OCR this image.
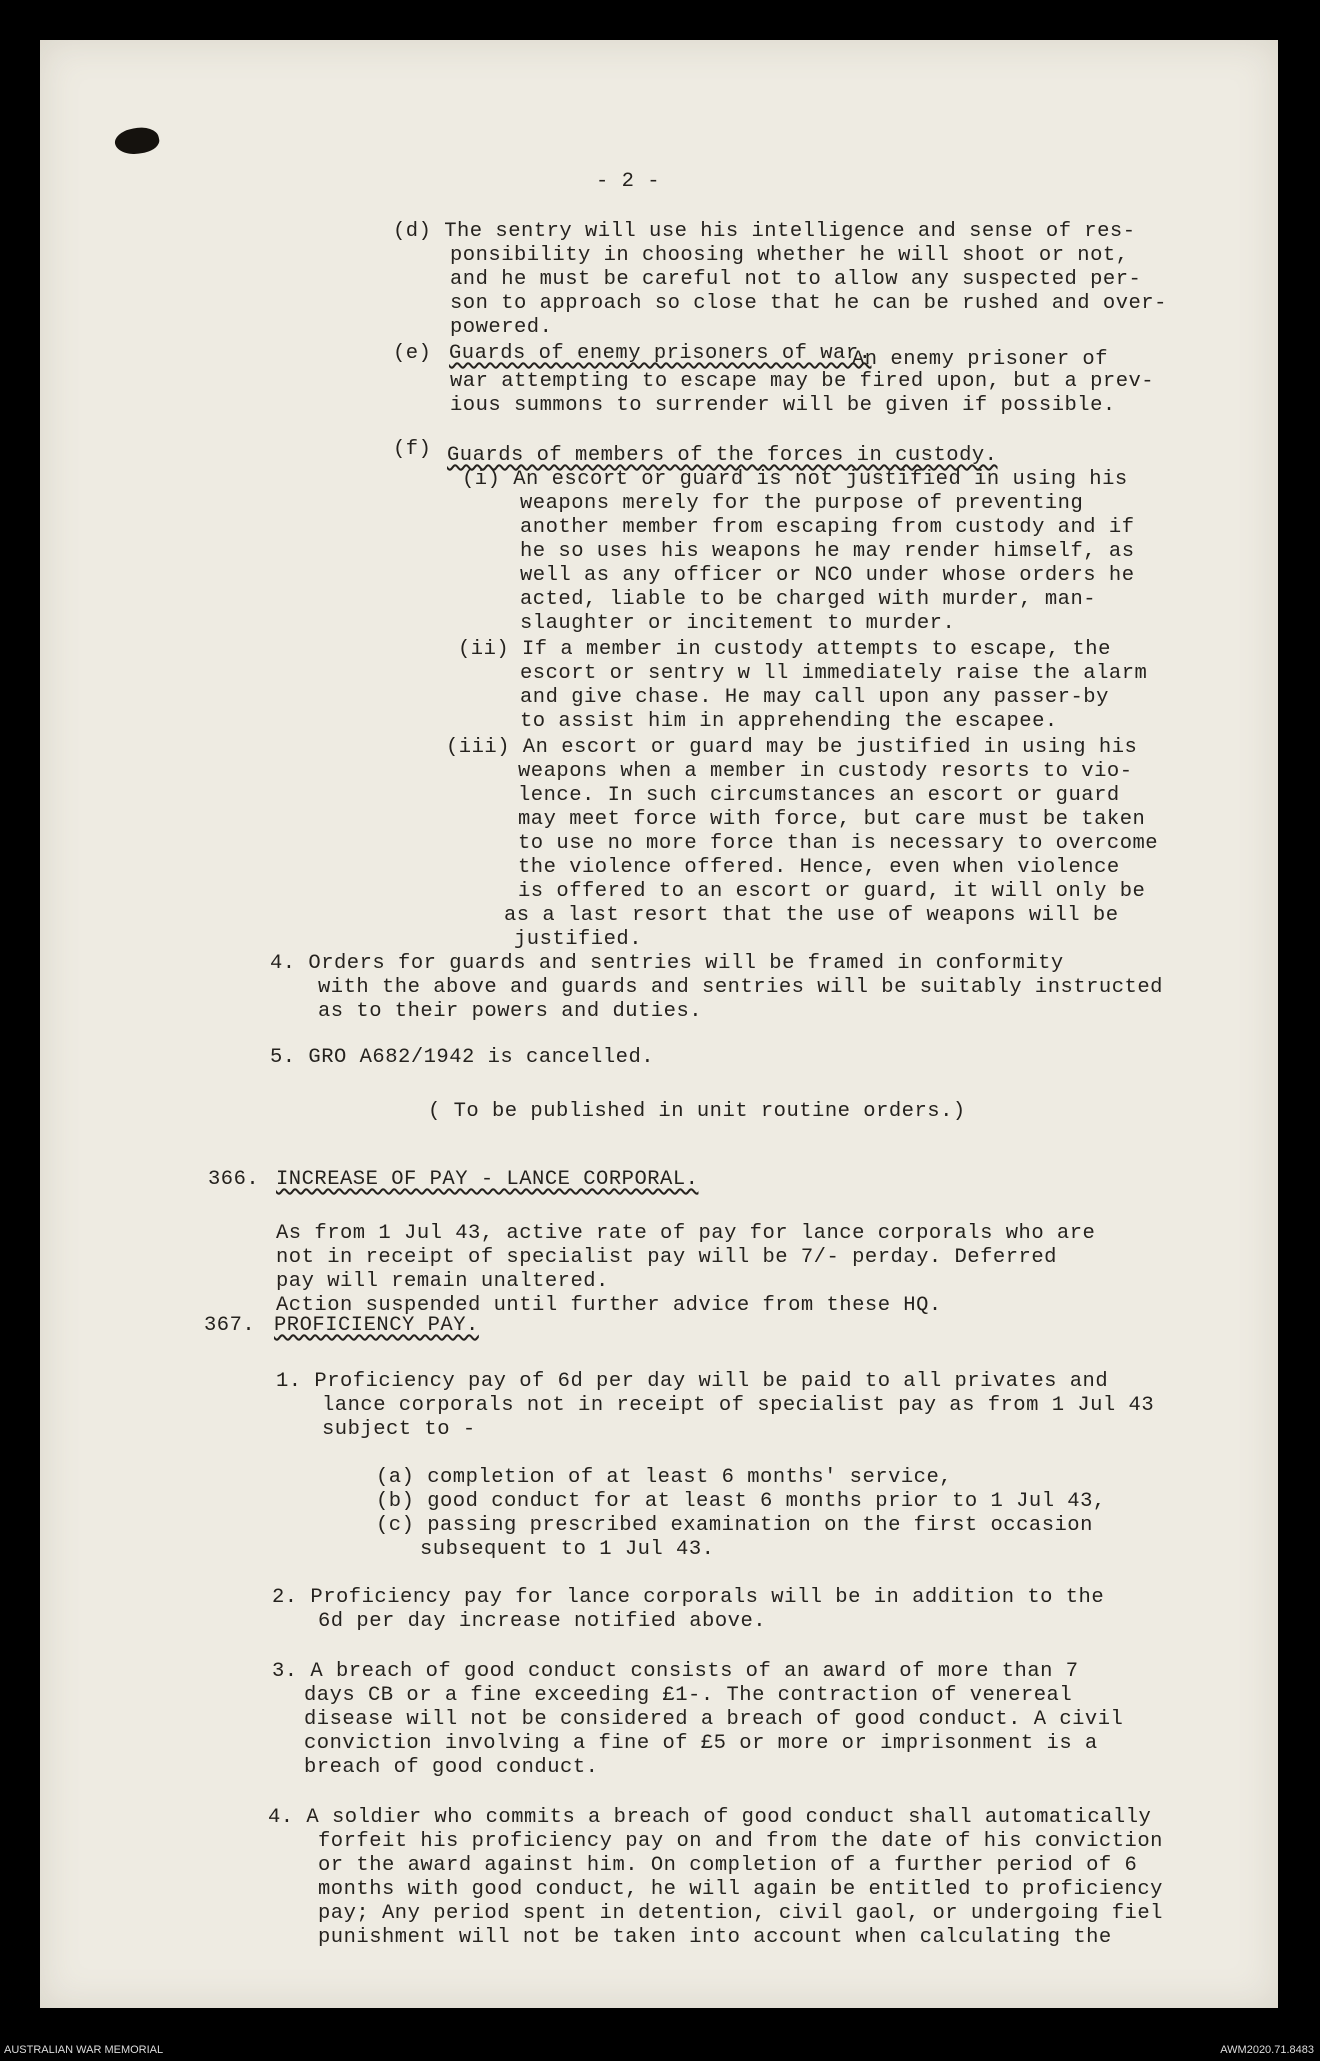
(d) The sentry will use his intelligence and sense of res-
ponsibility in choosing whether he will shoot or not,
and he must be careful not to allow any suspected per-
son to approach so close that he can be rushed and over-
powered.
(e) Guards of enemy prisoners of war.
An enemy prisoner of
war attempting to escape may be fired upon, but a prev-
ious summons to surrender will be given if possible.
(f) Guards of members of the forces in custody.
(i) An escort or guard is not justified in using his
weapons merely for the purpose of preventing
another member from escaping from custody and if
he so uses his weapons he may render himself, as
well as any officer or NCO under whose orders he
acted, liable to be charged with murder, man-
slaughter or incitement to murder.
(ii) If a member in custody attempts to escape, the
escort or sentry w ll immediately raise the alarm
and give chase. He may call upon any passer-by
to assist him in apprehending the escapee.
(iii) An escort or guard may be justified in using his
weapons when a member in custody resorts to vio-
lence. In such circumstances an escort or guard
may meet force with force, but care must be taken
to use no more force than is necessary to overcome
the violence offered. Hence, even when violence
is offered to an escort or guard, it will only be
as a last resort that the use of weapons will be
justified.
4. Orders for guards and sentries will be framed in conformity
with the above and guards and sentries will be suitably instructed
as to their powers and duties.
5. GRO A682/1942 is cancelled.
( To be published in unit routine orders.)
366. INCREASE OF PAY - LANCE CORPORAL.
As from 1 Jul 43, active rate of pay for lance corporals who are
not in receipt of specialist pay will be 7/- perday. Deferred
pay will remain unaltered.
Action suspended until further advice from these HQ.
367. PROFICIENCY PAY.
1. Proficiency pay of 6d per day will be paid to all privates and
lance corporals not in receipt of specialist pay as from 1 Jul 43
subject to -
(a) completion of at least 6 months' service,
(b) good conduct for at least 6 months prior to 1 Jul 43,
(c) passing prescribed examination on the first occasion
subsequent to 1 Jul 43.
2. Proficiency pay for lance corporals will be in addition to the
6d per day increase notified above.
3. A breach of good conduct consists of an award of more than 7
days CB or a fine exceeding £1-. The contraction of venereal
disease will not be considered a breach of good conduct. A civil
conviction involving a fine of £5 or more or imprisonment is a
breach of good conduct.
4. A soldier who commits a breach of good conduct shall automatically
forfeit his proficiency pay on and from the date of his conviction
or the award against him. On completion of a further period of 6
months with good conduct, he will again be entitled to proficiency
pay; Any period spent in detention, civil gaol, or undergoing fiel
punishment will not be taken into account when calculating the
- 2 -
AUSTRALIAN WAR MEMORIAL	AWM2020.71.8483
